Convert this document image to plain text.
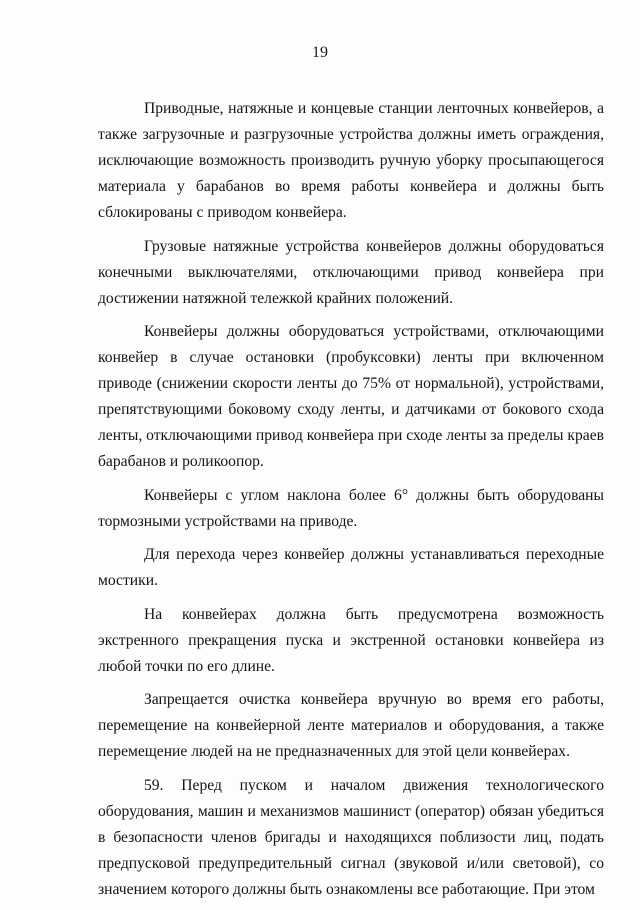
19

Приводные, натяжные и концевые станции ленточных конвейеров, а также загрузочные и разгрузочные устройства должны иметь ограждения, исключающие возможность производить ручную уборку просыпающегося материала у барабанов во время работы конвейера и должны быть сблокированы с приводом конвейера.

Грузовые натяжные устройства конвейеров должны оборудоваться конечными выключателями, отключающими привод конвейера при достижении натяжной тележкой крайних положений.

Конвейеры должны оборудоваться устройствами, отключающими конвейер в случае остановки (пробуксовки) ленты при включенном приводе (снижении скорости ленты до 75% от нормальной), устройствами, препятствующими боковому сходу ленты, и датчиками от бокового схода ленты, отключающими привод конвейера при сходе ленты за пределы краев барабанов и роликоопор.

Конвейеры с углом наклона более 6° должны быть оборудованы тормозными устройствами на приводе.

Для перехода через конвейер должны устанавливаться переходные мостики.

На конвейерах должна быть предусмотрена возможность экстренного прекращения пуска и экстренной остановки конвейера из любой точки по его длине.

Запрещается очистка конвейера вручную во время его работы, перемещение на конвейерной ленте материалов и оборудования, а также перемещение людей на не предназначенных для этой цели конвейерах.

59. Перед пуском и началом движения технологического оборудования, машин и механизмов машинист (оператор) обязан убедиться в безопасности членов бригады и находящихся поблизости лиц, подать предпусковой предупредительный сигнал (звуковой и/или световой), со значением которого должны быть ознакомлены все работающие. При этом
